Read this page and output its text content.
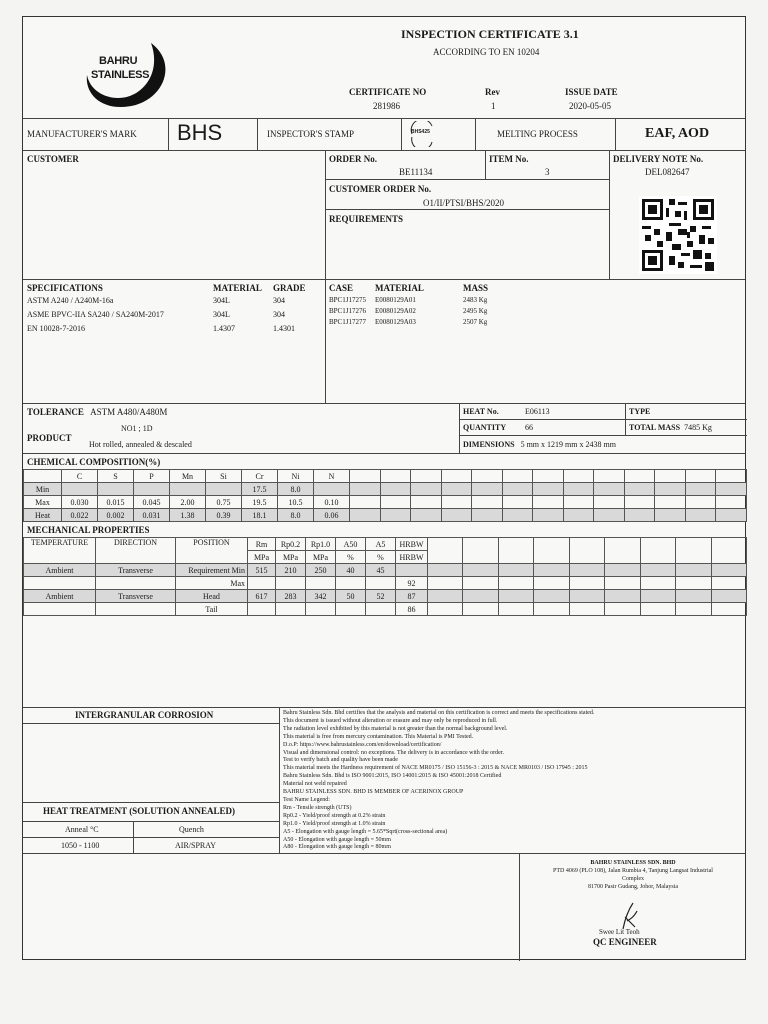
BAHRU
STAINLESS
INSPECTION CERTIFICATE 3.1
ACCORDING TO EN 10204
CERTIFICATE NO
281986
Rev
1
ISSUE DATE
2020-05-05
MANUFACTURER'S MARK BHS	INSPECTOR'S STAMP	BHS425	MELTING PROCESS	EAF, AOD
CUSTOMER	ORDER No.
BE11134
ITEM No.
3
DELIVERY NOTE No.
DEL082647
CUSTOMER ORDER No.
O1/II/PTSI/BHS/2020
REQUIREMENTS
SPECIFICATIONS	MATERIAL GRADE
ASTM A240 / A240M-16a	304L	304
ASME BPVC-IIA SA240 / SA240M-2017	304L	304
EN 10028-7-2016	1.4307	1.4301
CASE MATERIAL	MASS
BPC1J17275 E0080129A01	2483 Kg
BPC1J17276 E0080129A02	2495 Kg
BPC1J17277 E0080129A03	2507 Kg
TOLERANCE ASTM A480/A480M
PRODUCT
NO1 ; 1D
Hot rolled, annealed & descaled
HEAT No.	E06113	TYPE
QUANTITY 66	TOTAL MASS 7485 Kg
DIMENSIONS 5 mm x 1219 mm x 2438 mm
CHEMICAL COMPOSITION(%)
	C	S	P	Mn	Si	Cr	Ni	N													
Min						17.5	8.0														
Max	0.030	0.015	0.045	2.00	0.75	19.5	10.5	0.10													
Heat	0.022	0.002	0.031	1.38	0.39	18.1	8.0	0.06													
MECHANICAL PROPERTIES
TEMPERATURE	DIRECTION	POSITION	Rm	Rp0.2	Rp1.0	A50	A5	HRBW									
			MPa	MPa	MPa	%	%	HRBW									
Ambient	Transverse	Requirement Min	515	210	250	40	45										
		Max						92									
Ambient	Transverse	Head	617	283	342	50	52	87									
		Tail						86									
INTERGRANULAR CORROSION
HEAT TREATMENT (SOLUTION ANNEALED)
Anneal °C	Quench
1050 - 1100	AIR/SPRAY
Bahru Stainless Sdn. Bhd certifies that the analysis and material on this certification is correct and meets the specifications stated.
This document is issued without alteration or erasure and may only be reproduced in full.
The radiation level exhibited by this material is not greater than the normal background level.
This material is free from mercury contamination. This Material is PMI Tested.
D.o.P: https://www.bahrustainless.com/en/download/certification/
Visual and dimensional control: no exceptions. The delivery is in accordance with the order.
Test to verify batch and quality have been made
This material meets the Hardness requirement of NACE MR0175 / ISO 15156-3 : 2015 & NACE MR0103 / ISO 17945 : 2015
Bahru Stainless Sdn. Bhd is ISO 9001:2015, ISO 14001:2015 & ISO 45001:2018 Certified
Material not weld repaired
BAHRU STAINLESS SDN. BHD IS MEMBER OF ACERINOX GROUP
Test Name Legend:
Rm - Tensile strength (UTS)
Rp0.2 - Yield/proof strength at 0.2% strain
Rp1.0 - Yield/proof strength at 1.0% strain
A5 - Elongation with gauge length = 5.65*Sqrt(cross-sectional area)
A50 - Elongation with gauge length = 50mm
A80 - Elongation with gauge length = 80mm
BAHRU STAINLESS SDN. BHD
PTD 4069 (PLO 108), Jalan Rumbia 4, Tanjung Langsat Industrial
Complex
81700 Pasir Gudang, Johor, Malaysia
Swee Lit Teoh
QC ENGINEER
